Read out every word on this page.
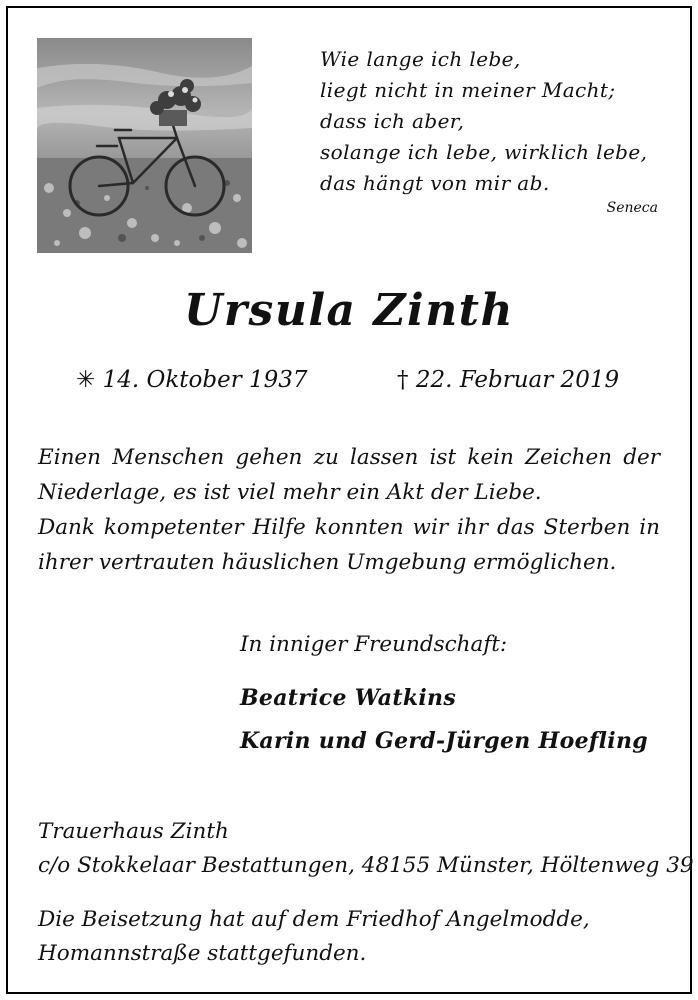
Wie lange ich lebe,
liegt nicht in meiner Macht;
dass ich aber,
solange ich lebe, wirklich lebe,
das hängt von mir ab.
Seneca
Ursula Zinth
✳ 14. Oktober 1937	† 22. Februar 2019
Einen Menschen gehen zu lassen ist kein Zeichen der
Niederlage, es ist viel mehr ein Akt der Liebe.
Dank kompetenter Hilfe konnten wir ihr das Sterben in
ihrer vertrauten häuslichen Umgebung ermöglichen.
In inniger Freundschaft:
Beatrice Watkins
Karin und Gerd-Jürgen Hoefling
Trauerhaus Zinth
c/o Stokkelaar Bestattungen, 48155 Münster, Höltenweg 39
Die Beisetzung hat auf dem Friedhof Angelmodde,
Homannstraße stattgefunden.
